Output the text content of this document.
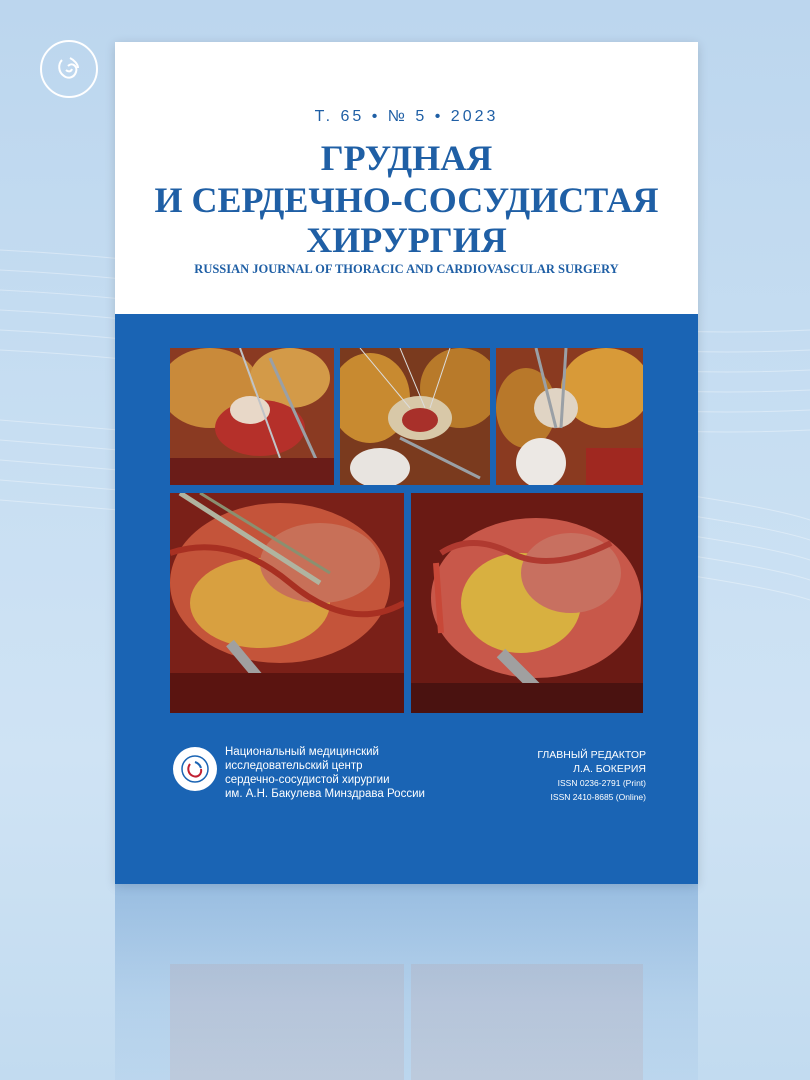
Т. 65 • № 5 • 2023
ГРУДНАЯ
И СЕРДЕЧНО-СОСУДИСТАЯ
ХИРУРГИЯ
RUSSIAN JOURNAL OF THORACIC AND CARDIOVASCULAR SURGERY
Национальный медицинский
исследовательский центр
сердечно-сосудистой хирургии
им. А.Н. Бакулева Минздрава России
ГЛАВНЫЙ РЕДАКТОР
Л.А. БОКЕРИЯ
ISSN 0236-2791 (Print)
ISSN 2410-8685 (Online)
